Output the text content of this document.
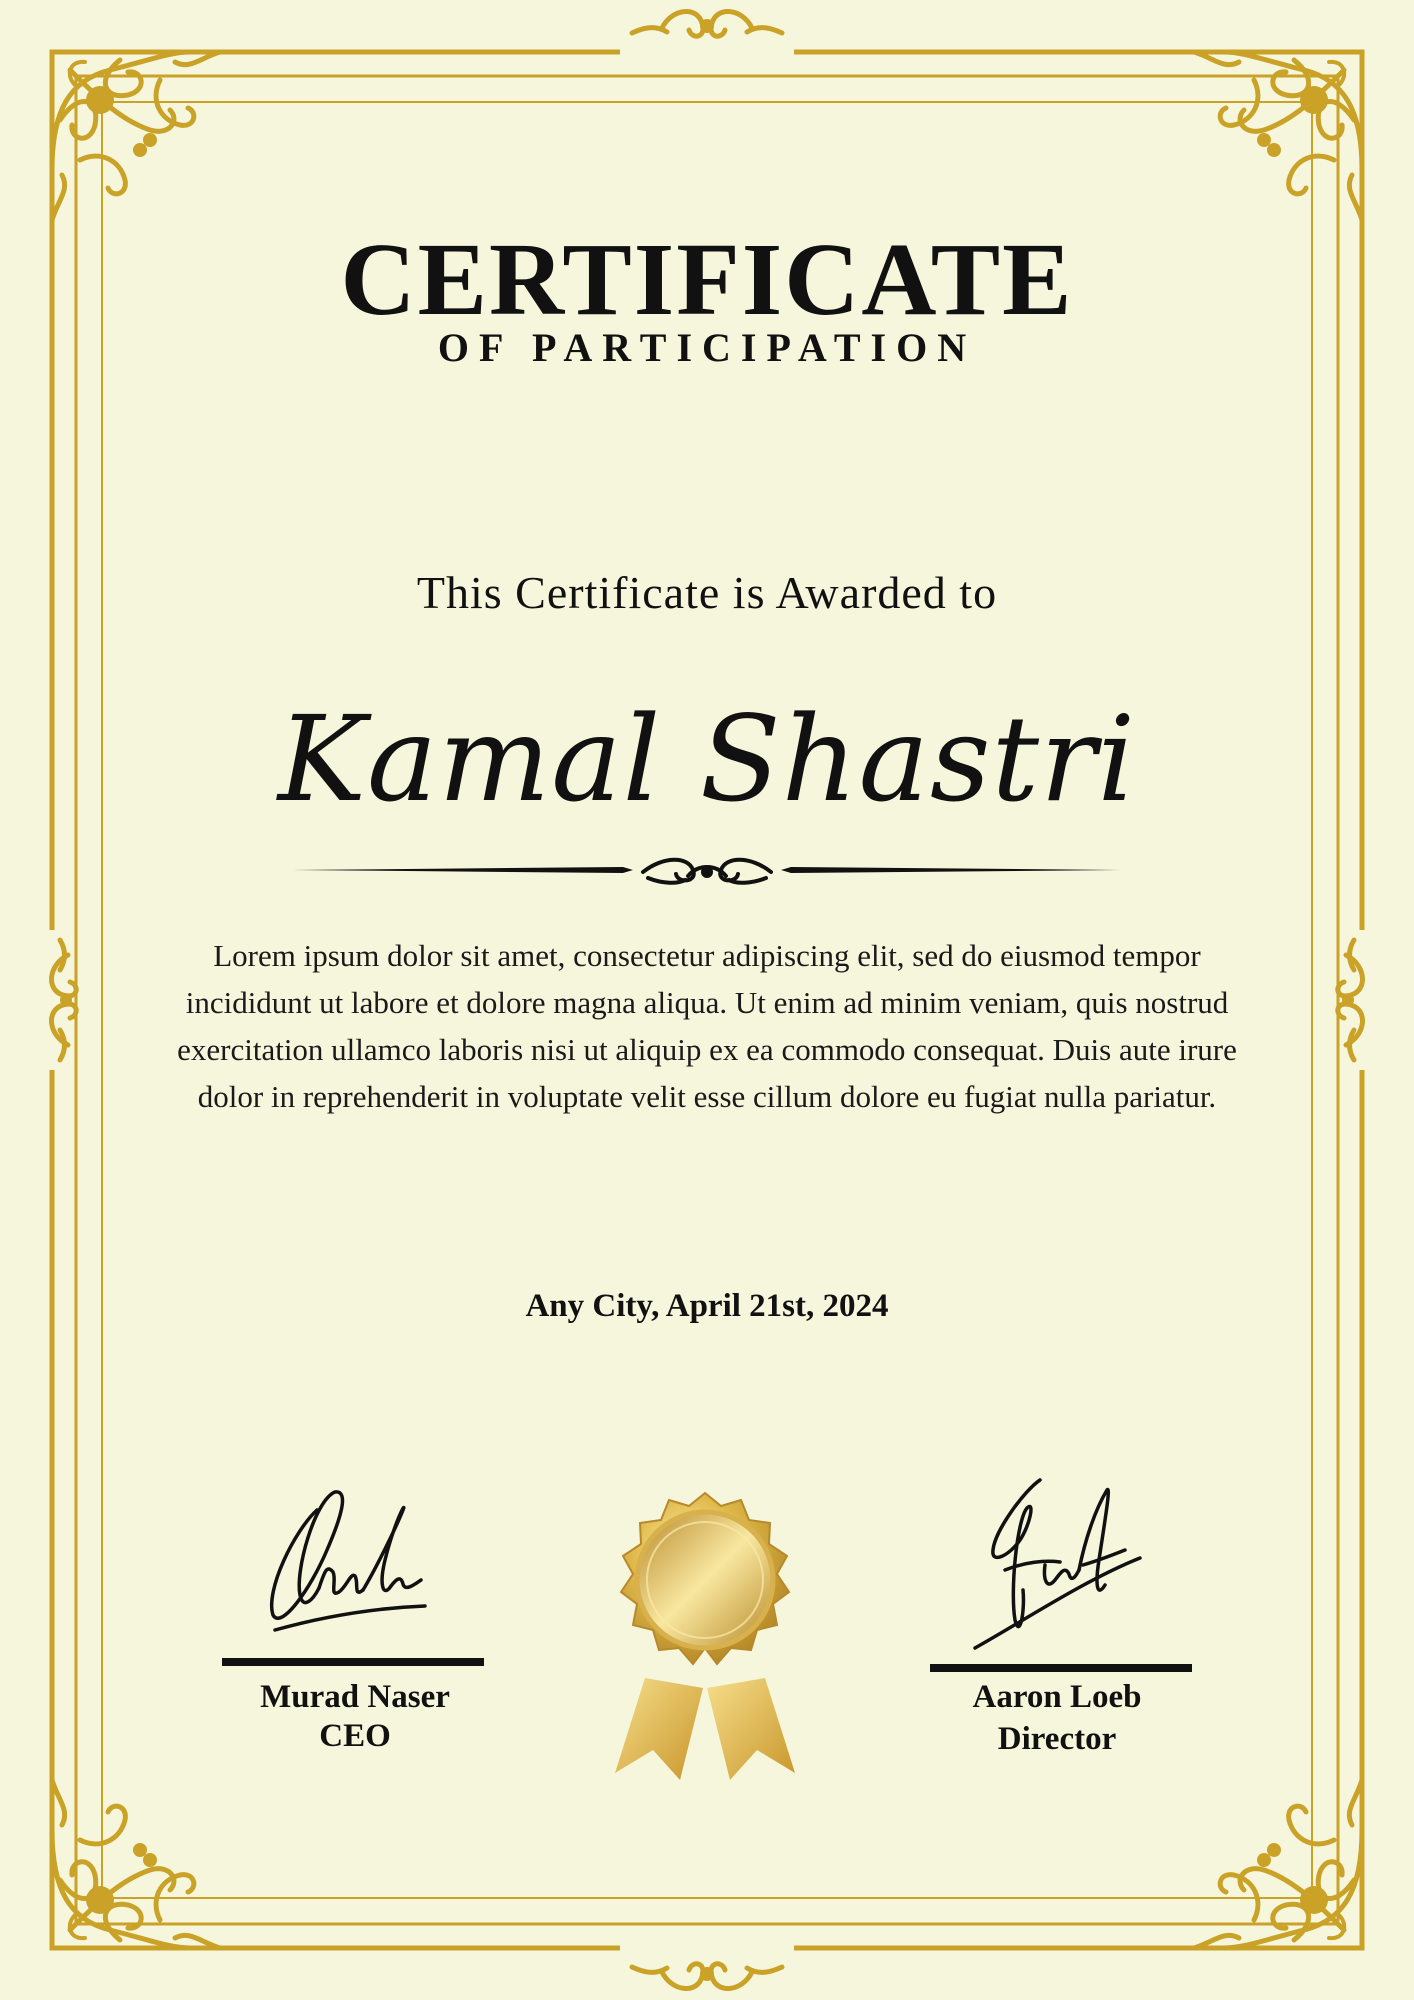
CERTIFICATE
OF PARTICIPATION

This Certificate is Awarded to

Kamal Shastri

Lorem ipsum dolor sit amet, consectetur adipiscing elit, sed do eiusmod tempor incididunt ut labore et dolore magna aliqua. Ut enim ad minim veniam, quis nostrud exercitation ullamco laboris nisi ut aliquip ex ea commodo consequat. Duis aute irure dolor in reprehenderit in voluptate velit esse cillum dolore eu fugiat nulla pariatur.

Any City, April 21st, 2024

Murad Naser

CEO

Aaron Loeb

Director
